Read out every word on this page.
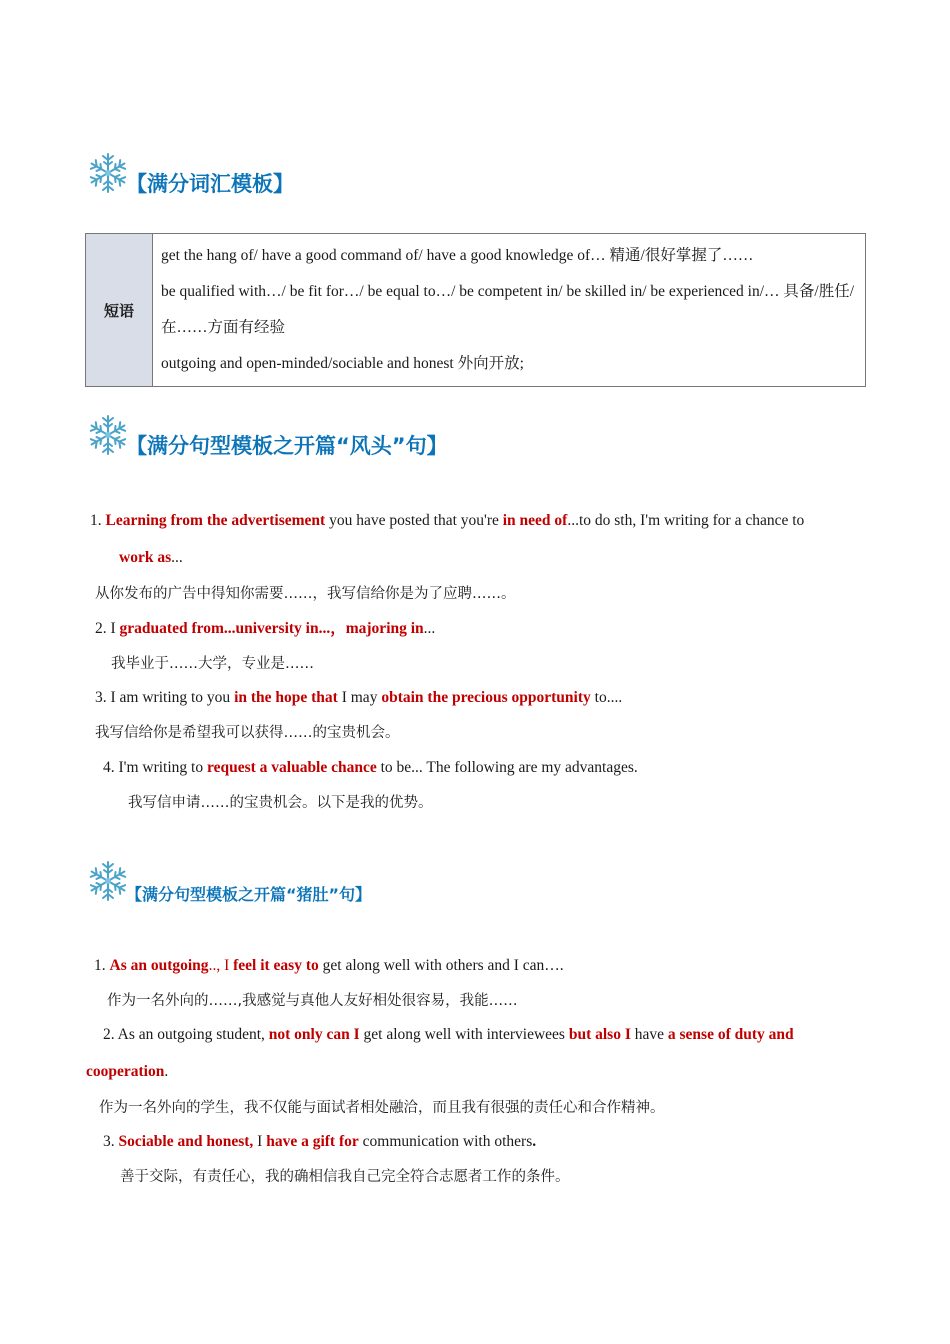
【满分词汇模板】
短语	
get the hang of/ have a good command of/ have a good knowledge of… 精通/很好掌握了……
be qualified with…/ be fit for…/ be equal to…/ be competent in/ be skilled in/ be experienced in/… 具备/胜任/在……方面有经验
outgoing and open-minded/sociable and honest 外向开放;
【满分句型模板之开篇“风头”句】
1. Learning from the advertisement you have posted that you're in need of...to do sth, I'm writing for a chance to
work as...
从你发布的广告中得知你需要……，我写信给你是为了应聘……。
2. I graduated from...university in...，majoring in...
我毕业于……大学，专业是……
3. I am writing to you in the hope that I may obtain the precious opportunity to....
我写信给你是希望我可以获得……的宝贵机会。
4. I'm writing to request a valuable chance to be... The following are my advantages.
我写信申请……的宝贵机会。以下是我的优势。
【满分句型模板之开篇“猪肚”句】
1. As an outgoing.., I feel it easy to get along well with others and I can….
作为一名外向的……,我感觉与真他人友好相处很容易，我能……
2. As an outgoing student, not only can I get along well with interviewees but also I have a sense of duty and
cooperation.
作为一名外向的学生，我不仅能与面试者相处融洽，而且我有很强的责任心和合作精神。
3. Sociable and honest, I have a gift for communication with others.
善于交际，有责任心，我的确相信我自己完全符合志愿者工作的条件。
